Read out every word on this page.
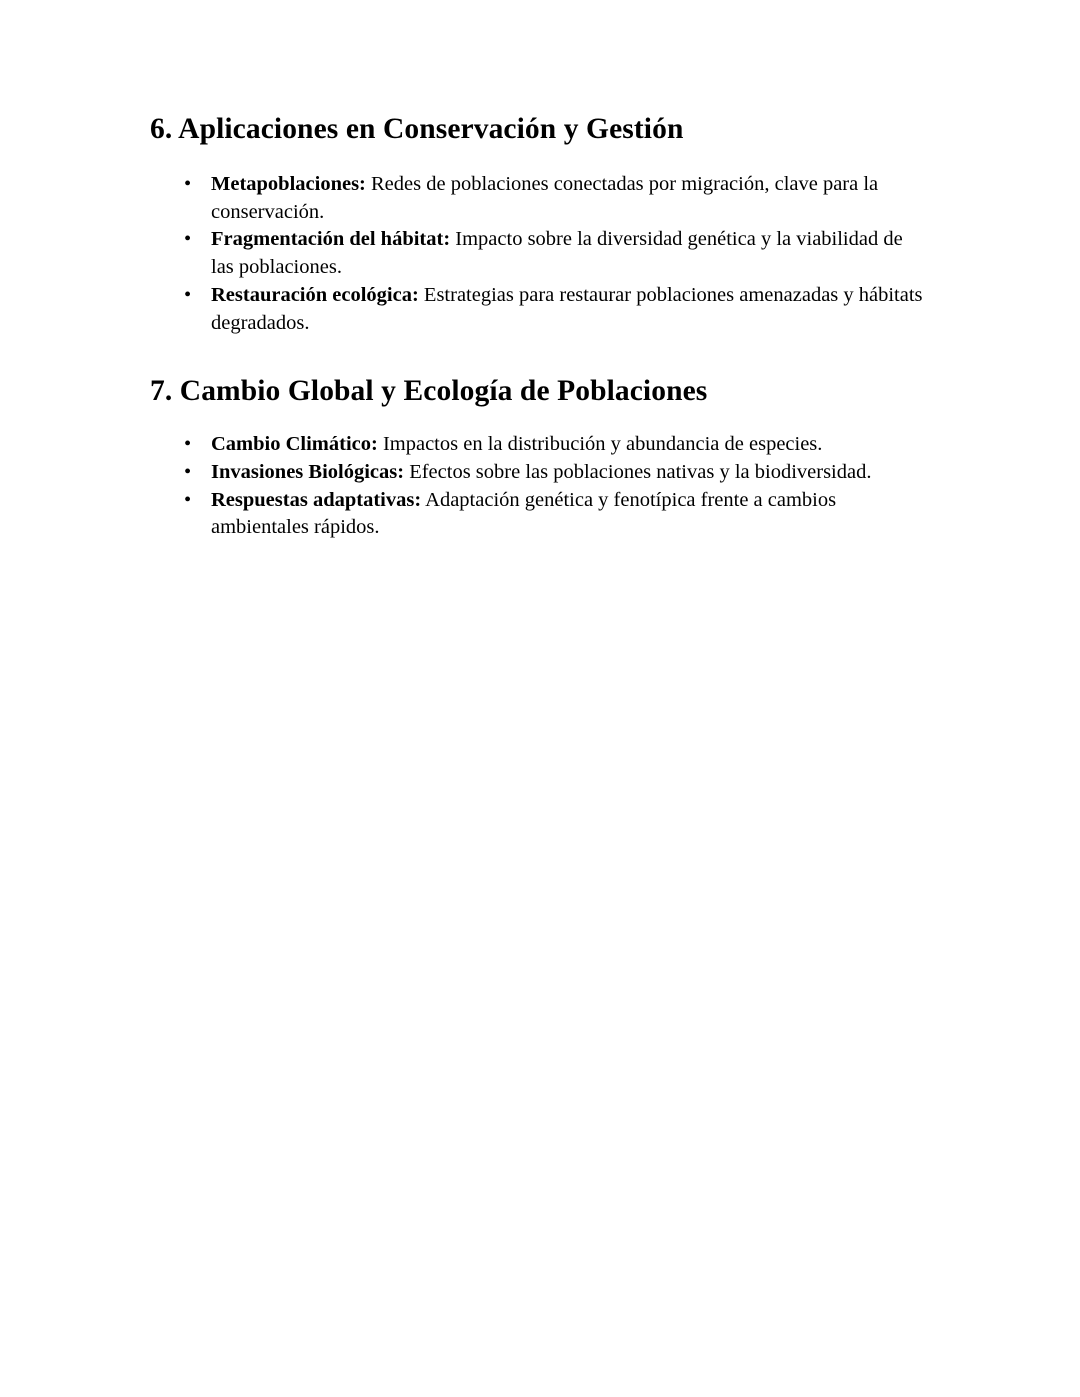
6. Aplicaciones en Conservación y Gestión
• Metapoblaciones: Redes de poblaciones conectadas por migración, clave para la conservación.
• Fragmentación del hábitat: Impacto sobre la diversidad genética y la viabilidad de las poblaciones.
• Restauración ecológica: Estrategias para restaurar poblaciones amenazadas y hábitats degradados.
7. Cambio Global y Ecología de Poblaciones
• Cambio Climático: Impactos en la distribución y abundancia de especies.
• Invasiones Biológicas: Efectos sobre las poblaciones nativas y la biodiversidad.
• Respuestas adaptativas: Adaptación genética y fenotípica frente a cambios ambientales rápidos.
